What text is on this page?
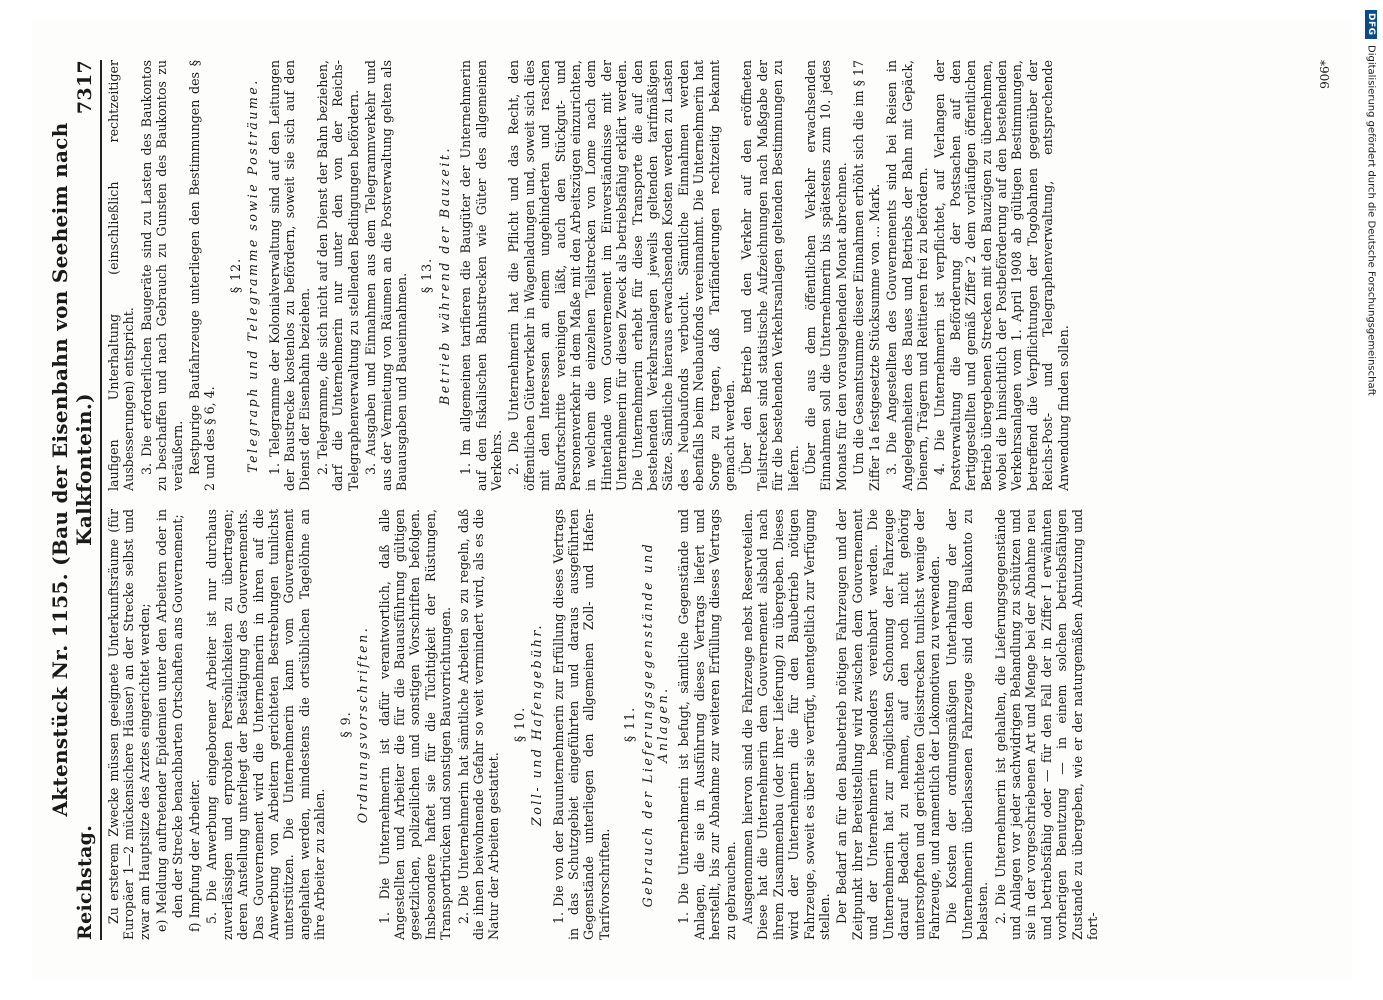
Reichstag.
Aktenstück Nr. 1155. (Bau der Eisenbahn von Seeheim nach Kalkfontein.)
7317

Zu ersterem Zwecke müssen geeignete Unterkunftsräume (für Europäer 1—2 mückensichere Häuser) an der Strecke selbst und zwar am Hauptsitze des Arztes eingerichtet werden; e) Meldung auftretender Epidemien unter den Arbeitern oder in den der Strecke benachbarten Ortschaften ans Gouvernement; f) Impfung der Arbeiter. 5. Die Anwerbung eingeborener Arbeiter ist nur durchaus zuverlässigen und erprobten Persönlichkeiten zu übertragen; deren Anstellung unterliegt der Bestätigung des Gouvernements. Das Gouvernement wird die Unternehmerin in ihren auf die Anwerbung von Arbeitern gerichteten Bestrebungen tunlichst unterstützen. Die Unternehmerin kann vom Gouvernement angehalten werden, mindestens die ortsüblichen Tagelöhne an ihre Arbeiter zu zahlen.

§ 9. Ordnungsvorschriften. 1. Die Unternehmerin ist dafür verantwortlich, daß alle Angestellten und Arbeiter die für die Bauausführung gültigen gesetzlichen, polizeilichen und sonstigen Vorschriften befolgen. Insbesondere haftet sie für die Tüchtigkeit der Rüstungen, Transportbrücken und sonstigen Bauvorrichtungen. 2. Die Unternehmerin hat sämtliche Arbeiten so zu regeln, daß die ihnen beiwohnende Gefahr so weit vermindert wird, als es die Natur der Arbeiten gestattet.

§ 10. Zoll- und Hafengebühr. 1. Die von der Bauunternehmerin zur Erfüllung dieses Vertrags in das Schutzgebiet eingeführten und daraus ausgeführten Gegenstände unterliegen den allgemeinen Zoll- und Hafen-Tarifvorschriften.

§ 11. Gebrauch der Lieferungsgegenstände und Anlagen. 1. Die Unternehmerin ist befugt, sämtliche Gegenstände und Anlagen, die sie in Ausführung dieses Vertrags liefert und herstellt, bis zur Abnahme zur weiteren Erfüllung dieses Vertrags zu gebrauchen. Ausgenommen hiervon sind die Fahrzeuge nebst Reserveteilen. Diese hat die Unternehmerin dem Gouvernement alsbald nach ihrem Zusammenbau (oder ihrer Lieferung) zu übergeben. Dieses wird der Unternehmerin die für den Baubetrieb nötigen Fahrzeuge, soweit es über sie verfügt, unentgeltlich zur Verfügung stellen. Der Bedarf an für den Baubetrieb nötigen Fahrzeugen und der Zeitpunkt ihrer Bereitstellung wird zwischen dem Gouvernement und der Unternehmerin besonders vereinbart werden. Die Unternehmerin hat zur möglichsten Schonung der Fahrzeuge darauf Bedacht zu nehmen, auf den noch nicht gehörig unterstopften und gerichteten Gleisstrecken tunlichst wenige der Fahrzeuge, und namentlich der Lokomotiven zu verwenden. Die Kosten der ordnungsmäßigen Unterhaltung der der Unternehmerin überlassenen Fahrzeuge sind dem Baukonto zu belasten. 2. Die Unternehmerin ist gehalten, die Lieferungsgegenstände und Anlagen vor jeder sachwidrigen Behandlung zu schützen und sie in der vorgeschriebenen Art und Menge bei der Abnahme neu und betriebsfähig oder — für den Fall der in Ziffer I erwähnten vorherigen Benutzung — in einem solchen betriebsfähigen Zustande zu übergeben, wie er der naturgemäßen Abnutzung und fort-

laufigen Unterhaltung (einschließlich rechtzeitiger Ausbesserungen) entspricht. 3. Die erforderlichen Baugeräte sind zu Lasten des Baukontos zu beschaffen und nach Gebrauch zu Gunsten des Baukontos zu veräußern. Restpurige Baufahrzeuge unterliegen den Bestimmungen des § 2 und des § 6, 4.

§ 12. Telegraph und Telegramme sowie Posträume. 1. Telegramme der Kolonialverwaltung sind auf den Leitungen der Baustrecke kostenlos zu befördern, soweit sie sich auf den Dienst der Eisenbahn beziehen. 2. Telegramme, die sich nicht auf den Dienst der Bahn beziehen, darf die Unternehmerin nur unter den von der Reichs-Telegraphenverwaltung zu stellenden Bedingungen befördern. 3. Ausgaben und Einnahmen aus dem Telegrammverkehr und aus der Vermietung von Räumen an die Postverwaltung gelten als Bauausgaben und Baueinnahmen. § 13. Betrieb während der Bauzeit. 1. Im allgemeinen tarifieren die Baugüter der Unternehmerin auf den fiskalischen Bahnstrecken wie Güter des allgemeinen Verkehrs. 2. Die Unternehmerin hat die Pflicht und das Recht, den öffentlichen Güterverkehr in Wagenladungen und, soweit sich dies mit den Interessen an einem ungehinderten und raschen Baufortschritte vereinigen läßt, auch den Stückgut- und Personenverkehr in dem Maße mit den Arbeitszügen einzurichten, in welchem die einzelnen Teilstrecken von Lome nach dem Hinterlande vom Gouvernement im Einverständnisse mit der Unternehmerin für diesen Zweck als betriebsfähig erklärt werden. Die Unternehmerin erhebt für diese Transporte die auf den bestehenden Verkehrsanlagen jeweils geltenden tarifmäßigen Sätze. Sämtliche hieraus erwachsenden Kosten werden zu Lasten des Neubaufonds verbucht. Sämtliche Einnahmen werden ebenfalls beim Neubaufonds vereinnahmt. Die Unternehmerin hat Sorge zu tragen, daß Tarifänderungen rechtzeitig bekannt gemacht werden. Über den Betrieb und den Verkehr auf den eröffneten Teilstrecken sind statistische Aufzeichnungen nach Maßgabe der für die bestehenden Verkehrsanlagen geltenden Bestimmungen zu liefern. Über die aus dem öffentlichen Verkehr erwachsenden Einnahmen soll die Unternehmerin bis spätestens zum 10. jedes Monats für den vorausgehenden Monat abrechnen. Um die Gesamtsumme dieser Einnahmen erhöht sich die im § 17 Ziffer 1a festgesetzte Stücksumme von ... Mark. 3. Die Angestellten des Gouvernements sind bei Reisen in Angelegenheiten des Baues und Betriebs der Bahn mit Gepäck, Dienern, Trägern und Reittieren frei zu befördern. 4. Die Unternehmerin ist verpflichtet, auf Verlangen der Postverwaltung die Beförderung der Postsachen auf den fertiggestellten und gemäß Ziffer 2 dem vorläufigen öffentlichen Betrieb übergebenen Strecken mit den Bauzügen zu übernehmen, wobei die hinsichtlich der Postbeförderung auf den bestehenden Verkehrsanlagen vom 1. April 1908 ab gültigen Bestimmungen, betreffend die Verpflichtungen der Togobahnen gegenüber der Reichs-Post- und Telegraphenverwaltung, entsprechende Anwendung finden sollen.

906*
DFG
Digitalisierung gefördert durch die Deutsche Forschungsgemeinschaft
